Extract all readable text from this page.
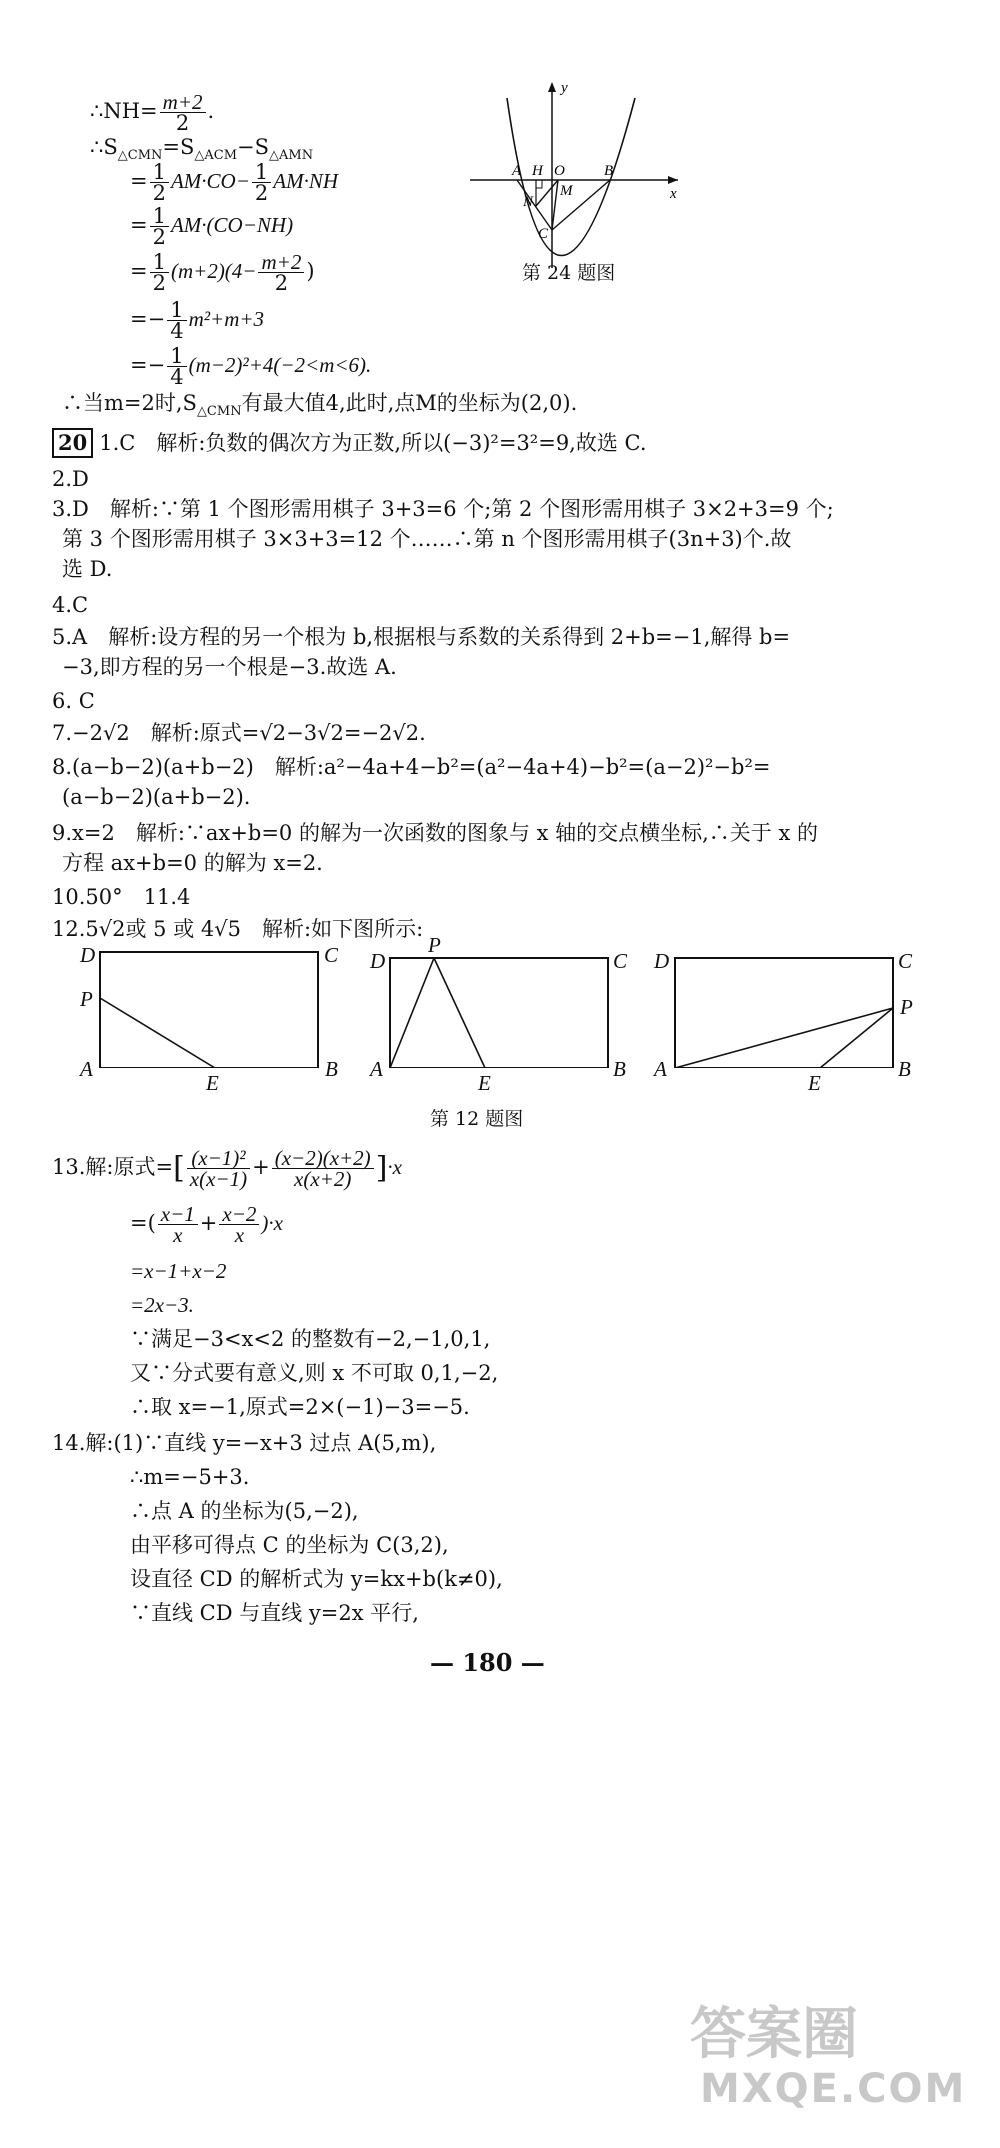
∴NH= $\frac{m+2}{2}$ .
$\therefore S_{\triangle CMN}=S_{\triangle ACM}-S_{\triangle AMN}$
= $\frac{1}{2} AM\cdot CO- \frac{1}{2} AM\cdot NH$
= $\frac{1}{2} AM\cdot(CO-NH)$
= $\frac{1}{2} (m+2)(4- \frac{m+2}{2}$ )
=− $\frac{1}{4} m^2+m+3$
=− $\frac{1}{4} (m-2)^2+4(-2<m<6)$.
∴当m=2时$,S_{\triangle CMN}$有最大值4,此时,点M的坐标为(2,0).
y
x
A H O	B
M
N
C
第 24 题图
20 1.C　解析:负数的偶次方为正数,所以(−3)²=3²=9,故选 C.
2.D
3.D　解析:∵第 1 个图形需用棋子 3+3=6 个;第 2 个图形需用棋子 3×2+3=9 个;
第 3 个图形需用棋子 3×3+3=12 个……∴第 n 个图形需用棋子(3n+3)个.故
选 D.
4.C
5.A　解析:设方程的另一个根为 b,根据根与系数的关系得到 2+b=−1,解得 b=
−3,即方程的另一个根是−3.故选 A.
6. C
7.−2√2　解析:原式=√2−3√2=−2√2.
8.(a−b−2)(a+b−2)　解析:a²−4a+4−b²=(a²−4a+4)−b²=(a−2)²−b²=
(a−b−2)(a+b−2).
9.x=2　解析:∵ax+b=0 的解为一次函数的图象与 x 轴的交点横坐标,∴关于 x 的
方程 ax+b=0 的解为 x=2.
10.50°　11.4
12.5√2或 5 或 4√5　解析:如下图所示:
D	C
P
A	B
E
D
P
C
A	B
E
D	C
P
A	B
E
第 12 题图
13.解:原式=[ $\frac{\text{(x−1)²}}{x(x-1)} + \frac{(x-2)(x+2)}{x(x+2)} ]\cdot x$
=( $\frac{x-1}{x} + \frac{x-2}{x} )\cdot x$
=x−1+x−2
=2x−3.
∵满足−3<x<2 的整数有−2,−1,0,1,
又∵分式要有意义,则 x 不可取 0,1,−2,
∴取 x=−1,原式=2×(−1)−3=−5.
14.解:(1)∵直线 y=−x+3 过点 A(5,m),
∴m=−5+3.
∴点 A 的坐标为(5,−2),
由平移可得点 C 的坐标为 C(3,2),
设直径 CD 的解析式为 y=kx+b(k≠0),
∵直线 CD 与直线 y=2x 平行,
— 180 —
答案圈
MXQE.COM
